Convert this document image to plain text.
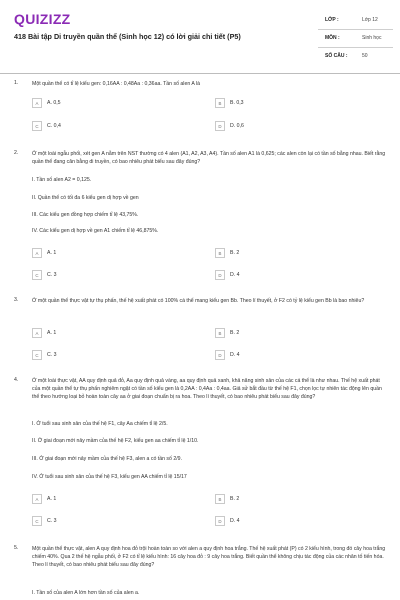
QUIZIZZ
418 Bài tập Di truyền quần thể (Sinh học 12) có lời giải chi tiết (P5)
LỚP :	Lớp 12
MÔN :	Sinh học
SỐ CÂU :	50
1.	Một quần thể có tỉ lệ kiểu gen: 0,16AA : 0,48Aa : 0,36aa. Tần số alen A là
A	A. 0,5	B	B. 0,3
C	C. 0,4	D	D. 0,6
2.	Ở một loài ngẫu phối, xét gen A nằm trên NST thường có 4 alen (A1, A2, A3, A4). Tần số alen A1 là 0,625; các alen còn lại có tần số bằng nhau. Biết rằng quần thể đang cân bằng di truyền, có bao nhiêu phát biểu sau đây đúng?
I. Tần số alen A2 = 0,125.
II. Quần thể có tối đa 6 kiểu gen dị hợp về gen
III. Các kiểu gen đồng hợp chiếm tỉ lệ 43,75%.
IV. Các kiểu gen dị hợp về gen A1 chiếm tỉ lệ 46,875%.
A	A. 1	B	B. 2
C	C. 3	D	D. 4
3.	Ở một quần thể thực vật tự thụ phấn, thế hệ xuất phát có 100% cá thể mang kiểu gen Bb. Theo lí thuyết, ở F2 có tỷ lệ kiểu gen Bb là bao nhiêu?
A	A. 1	B	B. 2
C	C. 3	D	D. 4
4.	Ở một loài thực vật, AA quy định quả đỏ, Aa quy định quả vàng, aa quy định quả xanh, khả năng sinh sản của các cá thể là như nhau. Thế hệ xuất phát của một quần thể tự thụ phấn nghiêm ngặt có tần số kiểu gen là 0,2AA : 0,4Aa : 0,4aa. Giả sử bắt đầu từ thế hệ F1, chọn lọc tự nhiên tác động lên quần thể theo hướng loại bỏ hoàn toàn cây aa ở giai đoạn chuẩn bị ra hoa. Theo lí thuyết, có bao nhiêu phát biểu sau đây đúng?
I. Ở tuổi sau sinh sản của thế hệ F1, cây Aa chiếm tỉ lệ 2/5.
II. Ở giai đoạn mới nảy mầm của thế hệ F2, kiểu gen aa chiếm tỉ lệ 1/10.
III. Ở giai đoạn mới nảy mầm của thế hệ F3, alen a có tần số 2/9.
IV. Ở tuổi sau sinh sản của thế hệ F3, kiểu gen AA chiếm tỉ lệ 15/17
A	A. 1	B	B. 2
C	C. 3	D	D. 4
5.	Một quần thể thực vật, alen A quy định hoa đỏ trội hoàn toàn so với alen a quy định hoa trắng. Thế hệ xuất phát (P) có 2 kiểu hình, trong đó cây hoa trắng chiếm 40%. Qua 2 thế hệ ngẫu phối, ở F2 có tỉ lệ kiểu hình: 16 cây hoa đỏ : 9 cây hoa trắng. Biết quần thể không chịu tác động của các nhân tố tiến hóa. Theo lí thuyết, có bao nhiêu phát biểu sau đây đúng?
I. Tần số của alen A lớn hơn tần số của alen a.
